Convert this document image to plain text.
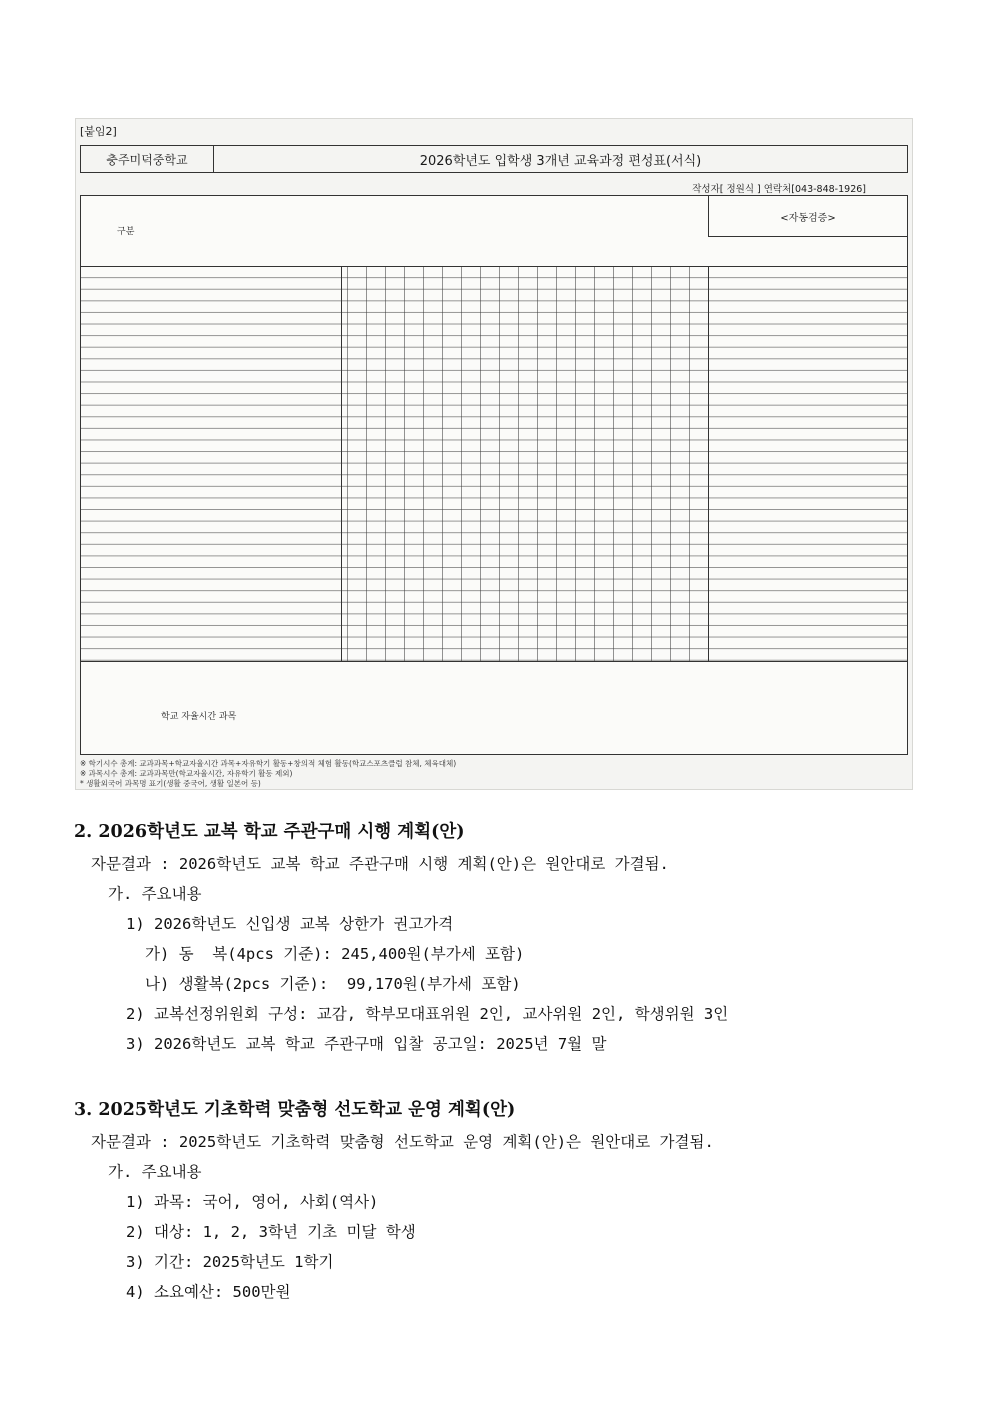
[붙임2]
충주미덕중학교	2026학년도 입학생 3개년 교육과정 편성표(서식)
작성자[ 정원식 ] 연락처[043-848-1926]
<자동검증>
구분
학교 자율시간 과목
※ 학기시수 총계: 교과과목+학교자율시간 과목+자유학기 활동+창의적 체험 활동(학교스포츠클럽 참체, 체육대체)
※ 과목시수 총계: 교과과목만(학교자율시간, 자유학기 활동 제외)
* 생활외국어 과목명 표기(생활 중국어, 생활 일본어 등)
2. 2026학년도 교복 학교 주관구매 시행 계획(안)
자문결과 : 2026학년도 교복 학교 주관구매 시행 계획(안)은 원안대로 가결됨.
가. 주요내용
1) 2026학년도 신입생 교복 상한가 권고가격
가) 동  복(4pcs 기준): 245,400원(부가세 포함)
나) 생활복(2pcs 기준):  99,170원(부가세 포함)
2) 교복선정위원회 구성: 교감, 학부모대표위원 2인, 교사위원 2인, 학생위원 3인
3) 2026학년도 교복 학교 주관구매 입찰 공고일: 2025년 7월 말
3. 2025학년도 기초학력 맞춤형 선도학교 운영 계획(안)
자문결과 : 2025학년도 기초학력 맞춤형 선도학교 운영 계획(안)은 원안대로 가결됨.
가. 주요내용
1) 과목: 국어, 영어, 사회(역사)
2) 대상: 1, 2, 3학년 기초 미달 학생
3) 기간: 2025학년도 1학기
4) 소요예산: 500만원
